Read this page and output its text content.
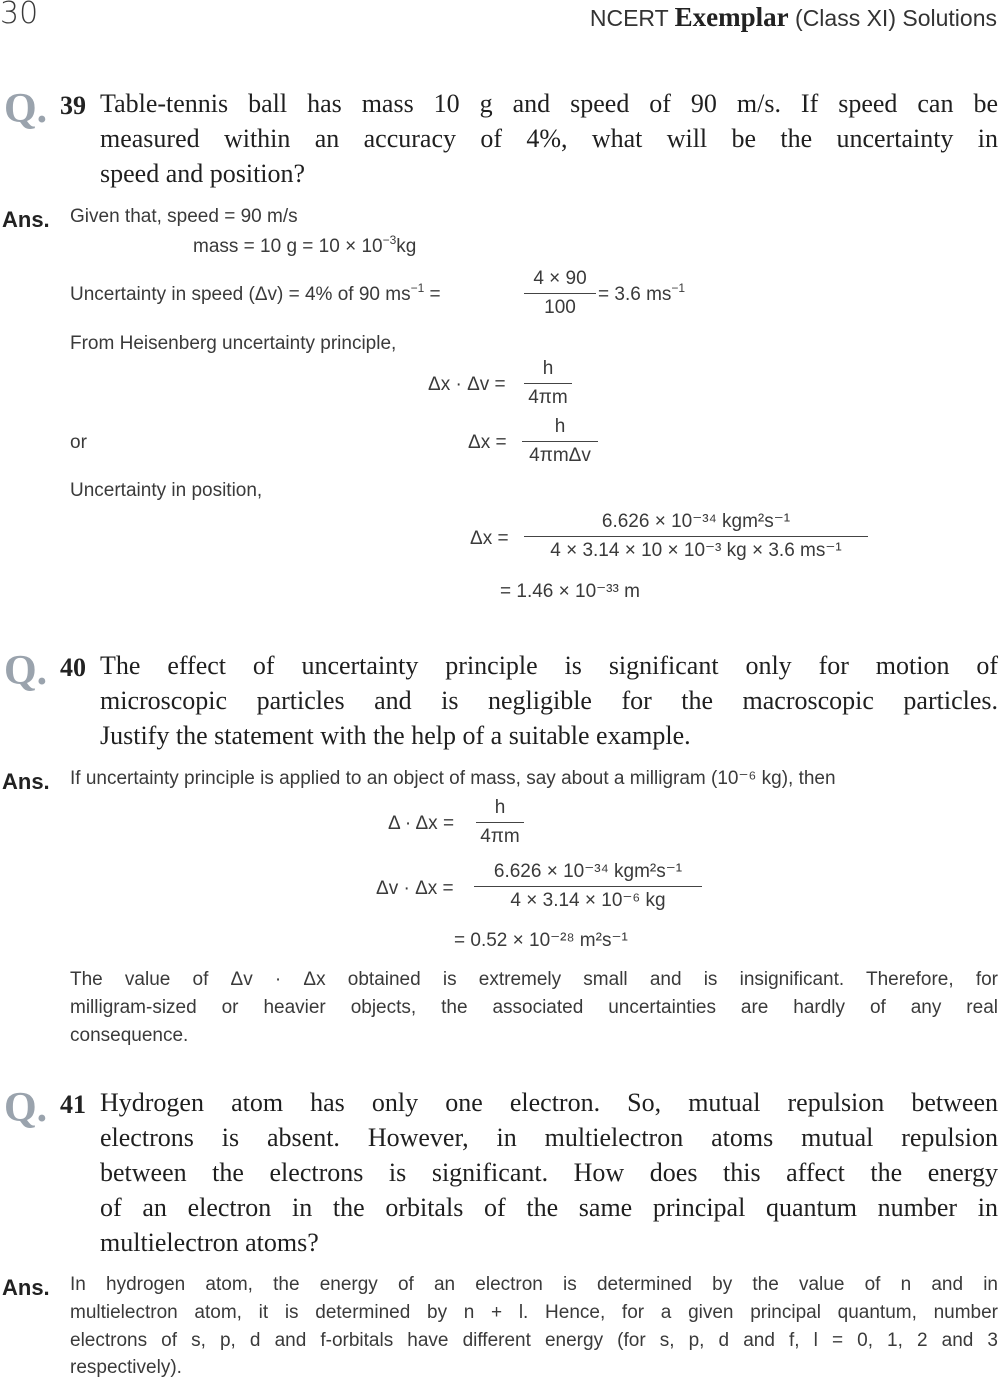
30	NCERT Exemplar (Class XI) Solutions
Q. 39 Table-tennis ball has mass 10 g and speed of 90 m/s. If speed can be
measured within an accuracy of 4%, what will be the uncertainty in
speed and position?
Ans. Given that, speed = 90 m/s
mass = 10 $g = 10 \times 10^{-3}kg$
Uncertainty in speed (Δv) = 4% of 90 $ms^{-1}$ =
4 × 90
100
= 3.6 $ms^{-1}$
From Heisenberg uncertainty principle,
Δx · Δv =
h
4πm
or	Δx =
h
4πmΔv
Uncertainty in position,
Δx =
6.626 × 10⁻³⁴ kgm²s⁻¹
4 × 3.14 × 10 × 10⁻³ kg × 3.6 ms⁻¹
= 1.46 × 10⁻³³ m
Q. 40 The effect of uncertainty principle is significant only for motion of
microscopic particles and is negligible for the macroscopic particles.
Justify the statement with the help of a suitable example.
Ans. If uncertainty principle is applied to an object of mass, say about a milligram (10⁻⁶ kg), then
Δ · Δx =
h
4πm
Δv · Δx =
6.626 × 10⁻³⁴ kgm²s⁻¹
4 × 3.14 × 10⁻⁶ kg
= 0.52 × 10⁻²⁸ m²s⁻¹
The value of Δv · Δx obtained is extremely small and is insignificant. Therefore, for
milligram-sized or heavier objects, the associated uncertainties are hardly of any real
consequence.
Q. 41 Hydrogen atom has only one electron. So, mutual repulsion between
electrons is absent. However, in multielectron atoms mutual repulsion
between the electrons is significant. How does this affect the energy
of an electron in the orbitals of the same principal quantum number in
multielectron atoms?
Ans. In hydrogen atom, the energy of an electron is determined by the value of n and in
multielectron atom, it is determined by n + l. Hence, for a given principal quantum, number
electrons of s, p, d and f-orbitals have different energy (for s, p, d and f, l = 0, 1, 2 and 3
respectively).
